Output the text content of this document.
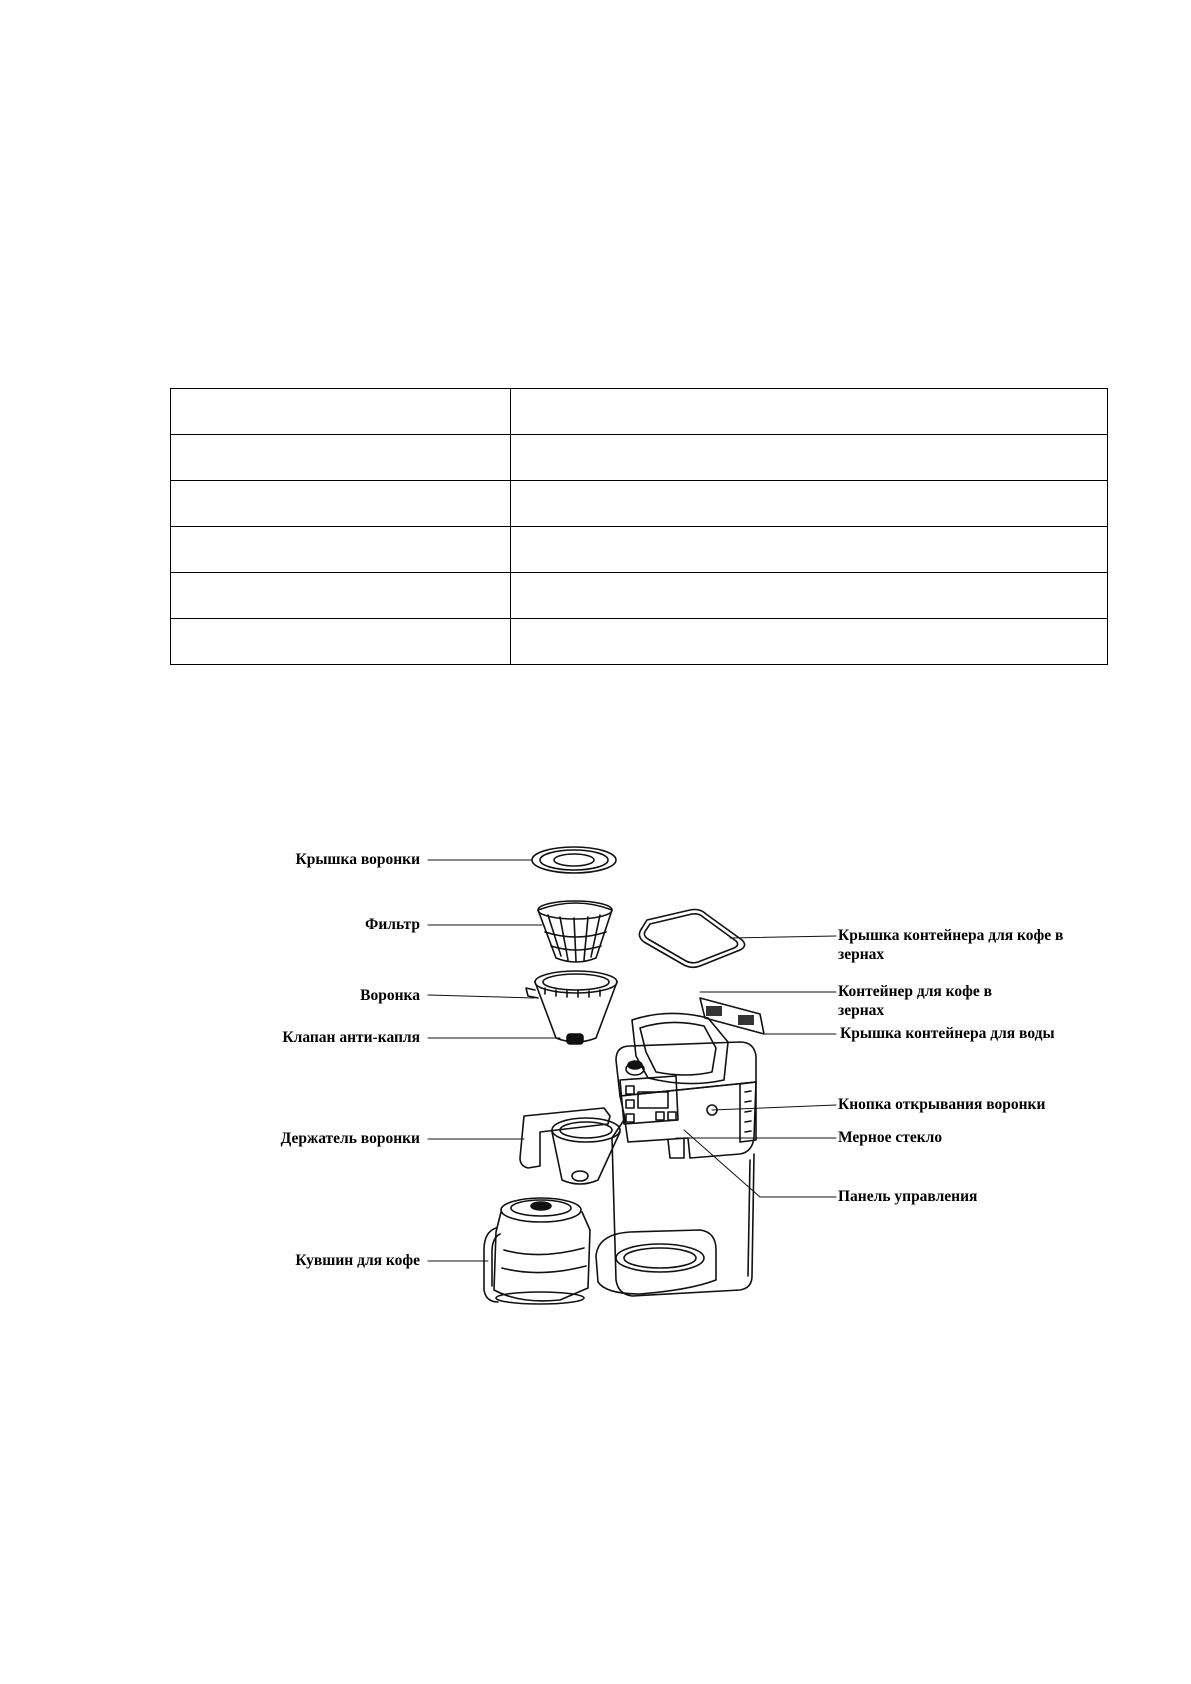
Крышка воронки
Фильтр
Воронка
Клапан анти-капля
Держатель воронки
Кувшин для кофе
Крышка контейнера для кофе в зернах
Контейнер для кофе в зернах
Крышка контейнера для воды
Кнопка открывания воронки
Мерное стекло
Панель управления
